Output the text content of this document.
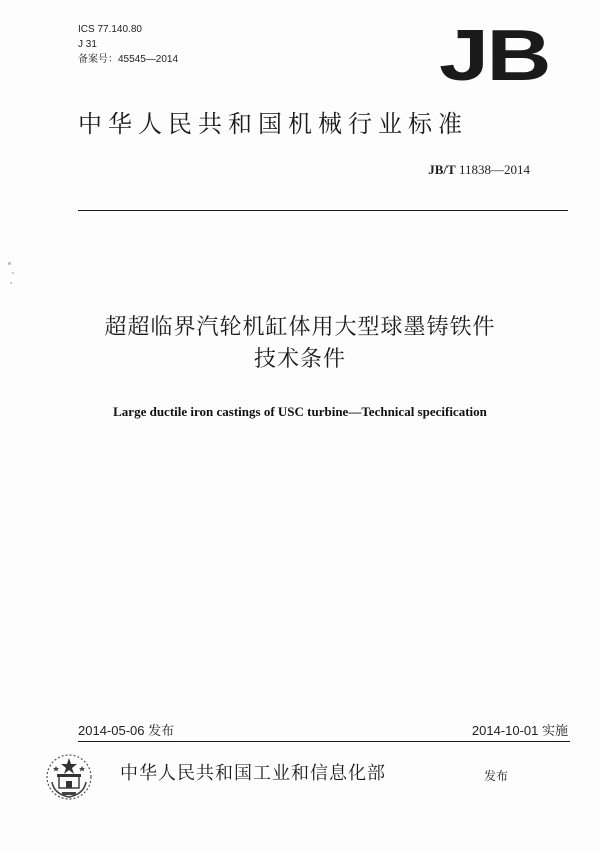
ICS 77.140.80
J 31
备案号：45545—2014	JB
中华人民共和国机械行业标准
JB/T 11838—2014
超超临界汽轮机缸体用大型球墨铸铁件
技术条件
Large ductile iron castings of USC turbine—Technical specification
2014-05-06 发布	2014-10-01 实施
中华人民共和国工业和信息化部	发布
